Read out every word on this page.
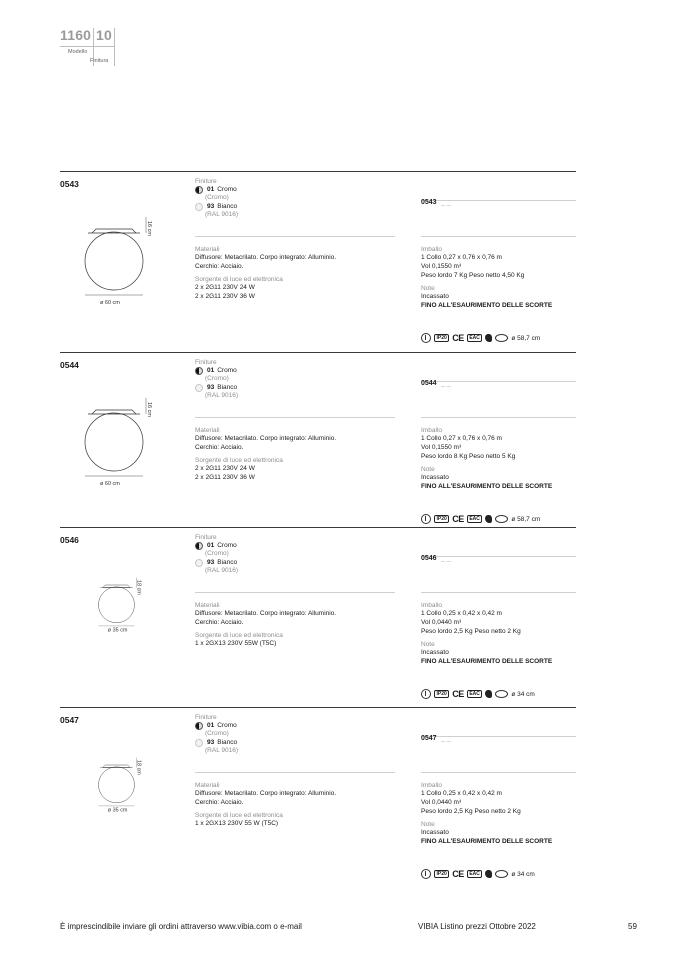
1160 10
Modello
Finitura
0543
16 cm
ø 60 cm
Finiture
01 Cromo
(Cromo)
93 Bianco
(RAL 9016)
0543 _ _
Materiali
Diffusore: Metacrilato. Corpo integrato: Alluminio.
Cerchio: Acciaio.
Sorgente di luce ed elettronica
2 x 2G11 230V 24 W
2 x 2G11 230V 36 W
Imballo
1 Collo 0,27 x 0,76 x 0,76 m
Vol 0,1550 m³
Peso lordo 7 Kg Peso netto 4,50 Kg
Note
Incassato
FINO ALL'ESAURIMENTO DELLE SCORTE
IP20 CE	EAC	ø 58,7 cm
0544
16 cm
ø 60 cm
Finiture
01 Cromo
(Cromo)
93 Bianco
(RAL 9016)
0544 _ _
Materiali
Diffusore: Metacrilato. Corpo integrato: Alluminio.
Cerchio: Acciaio.
Sorgente di luce ed elettronica
2 x 2G11 230V 24 W
2 x 2G11 230V 36 W
Imballo
1 Collo 0,27 x 0,76 x 0,76 m
Vol 0,1550 m³
Peso lordo 8 Kg Peso netto 5 Kg
Note
Incassato
FINO ALL'ESAURIMENTO DELLE SCORTE
IP20 CE	EAC	ø 58,7 cm
0546
18 cm
ø 35 cm
Finiture
01 Cromo
(Cromo)
93 Bianco
(RAL 9016)
0546 _ _
Materiali
Diffusore: Metacrilato. Corpo integrato: Alluminio.
Cerchio: Acciaio.
Sorgente di luce ed elettronica
1 x 2GX13 230V 55W (T5C)
Imballo
1 Collo 0,25 x 0,42 x 0,42 m
Vol 0,0440 m³
Peso lordo 2,5 Kg Peso netto 2 Kg
Note
Incassato
FINO ALL'ESAURIMENTO DELLE SCORTE
IP20 CE	EAC	ø 34 cm
0547
18 cm
ø 35 cm
Finiture
01 Cromo
(Cromo)
93 Bianco
(RAL 9016)
0547 _ _
Materiali
Diffusore: Metacrilato. Corpo integrato: Alluminio.
Cerchio: Acciaio.
Sorgente di luce ed elettronica
1 x 2GX13 230V 55 W (T5C)
Imballo
1 Collo 0,25 x 0,42 x 0,42 m
Vol 0,0440 m³
Peso lordo 2,5 Kg Peso netto 2 Kg
Note
Incassato
FINO ALL'ESAURIMENTO DELLE SCORTE
IP20 CE	EAC	ø 34 cm
È imprescindibile inviare gli ordini attraverso www.vibia.com o e-mail	VIBIA Listino prezzi Ottobre 2022	59
